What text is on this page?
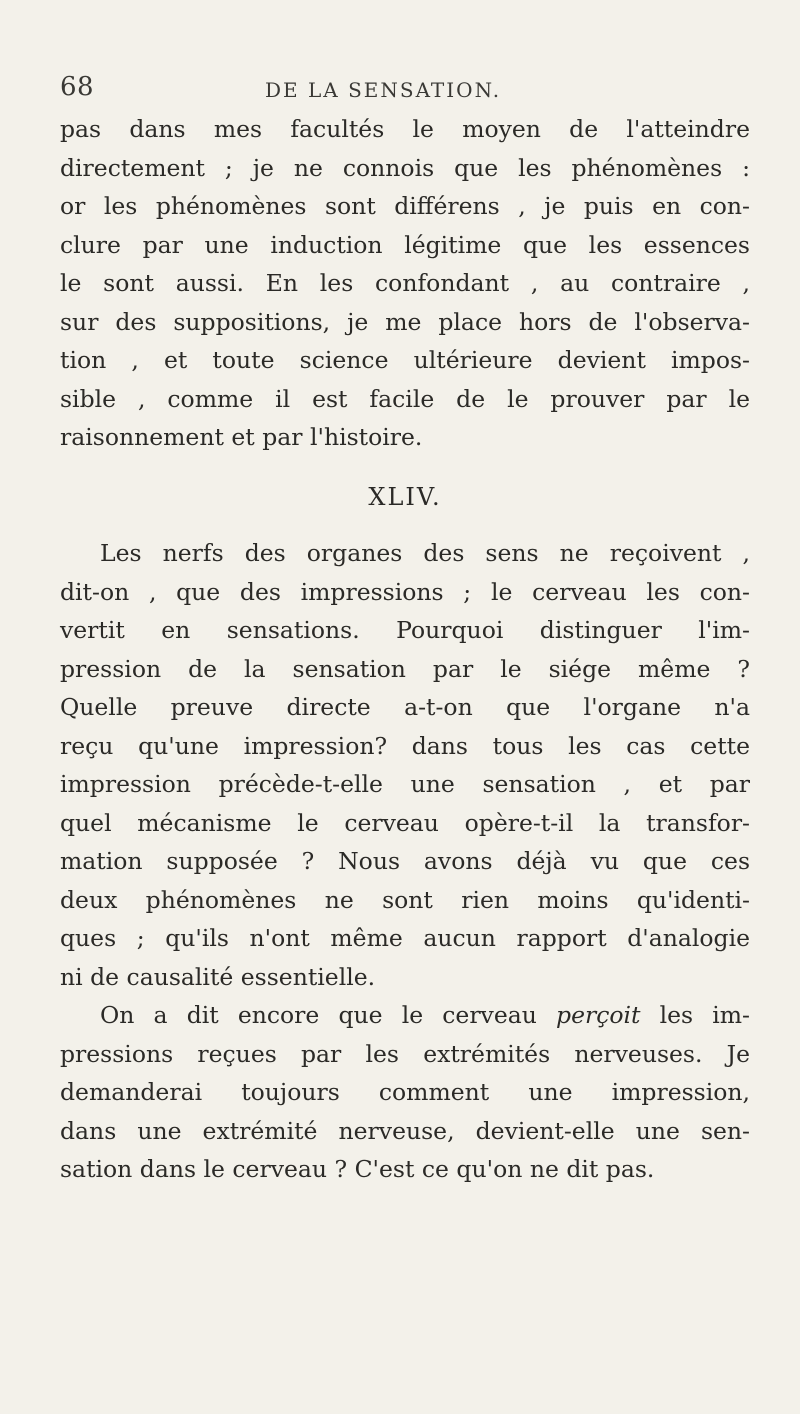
68	DE LA SENSATION.
pas dans mes facultés le moyen de l'atteindre
directement ; je ne connois que les phénomènes :
or les phénomènes sont différens , je puis en con-
clure par une induction légitime que les essences
le sont aussi. En les confondant , au contraire ,
sur des suppositions, je me place hors de l'observa-
tion , et toute science ultérieure devient impos-
sible , comme il est facile de le prouver par le
raisonnement et par l'histoire.
XLIV.
Les nerfs des organes des sens ne reçoivent ,
dit-on , que des impressions ; le cerveau les con-
vertit en sensations. Pourquoi distinguer l'im-
pression de la sensation par le siége même ?
Quelle preuve directe a-t-on que l'organe n'a
reçu qu'une impression? dans tous les cas cette
impression précède-t-elle une sensation , et par
quel mécanisme le cerveau opère-t-il la transfor-
mation supposée ? Nous avons déjà vu que ces
deux phénomènes ne sont rien moins qu'identi-
ques ; qu'ils n'ont même aucun rapport d'analogie
ni de causalité essentielle.
On a dit encore que le cerveau perçoit les im-
pressions reçues par les extrémités nerveuses. Je
demanderai toujours comment une impression,
dans une extrémité nerveuse, devient-elle une sen-
sation dans le cerveau ? C'est ce qu'on ne dit pas.
